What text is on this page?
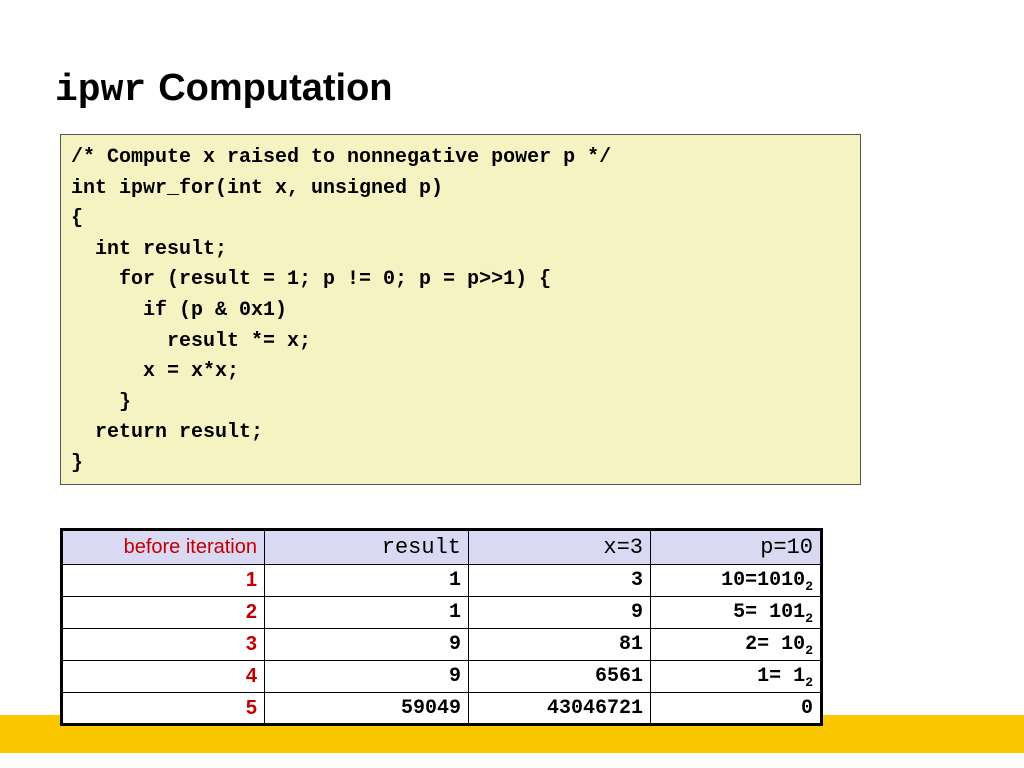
ipwr Computation
/* Compute x raised to nonnegative power p */
int ipwr_for(int x, unsigned p)
{
int result;
for (result = 1; p != 0; p = p>>1) {
if (p & 0x1)
result *= x;
x = x*x;
}
return result;
}
before iteration	result	x=3	p=10
1	1	3	$10=1010_2$
2	1	9	$5= 101_2$
3	9	81	$2= 10_2$
4	9	6561	$1= 1_2$
5	59049	43046721	0
